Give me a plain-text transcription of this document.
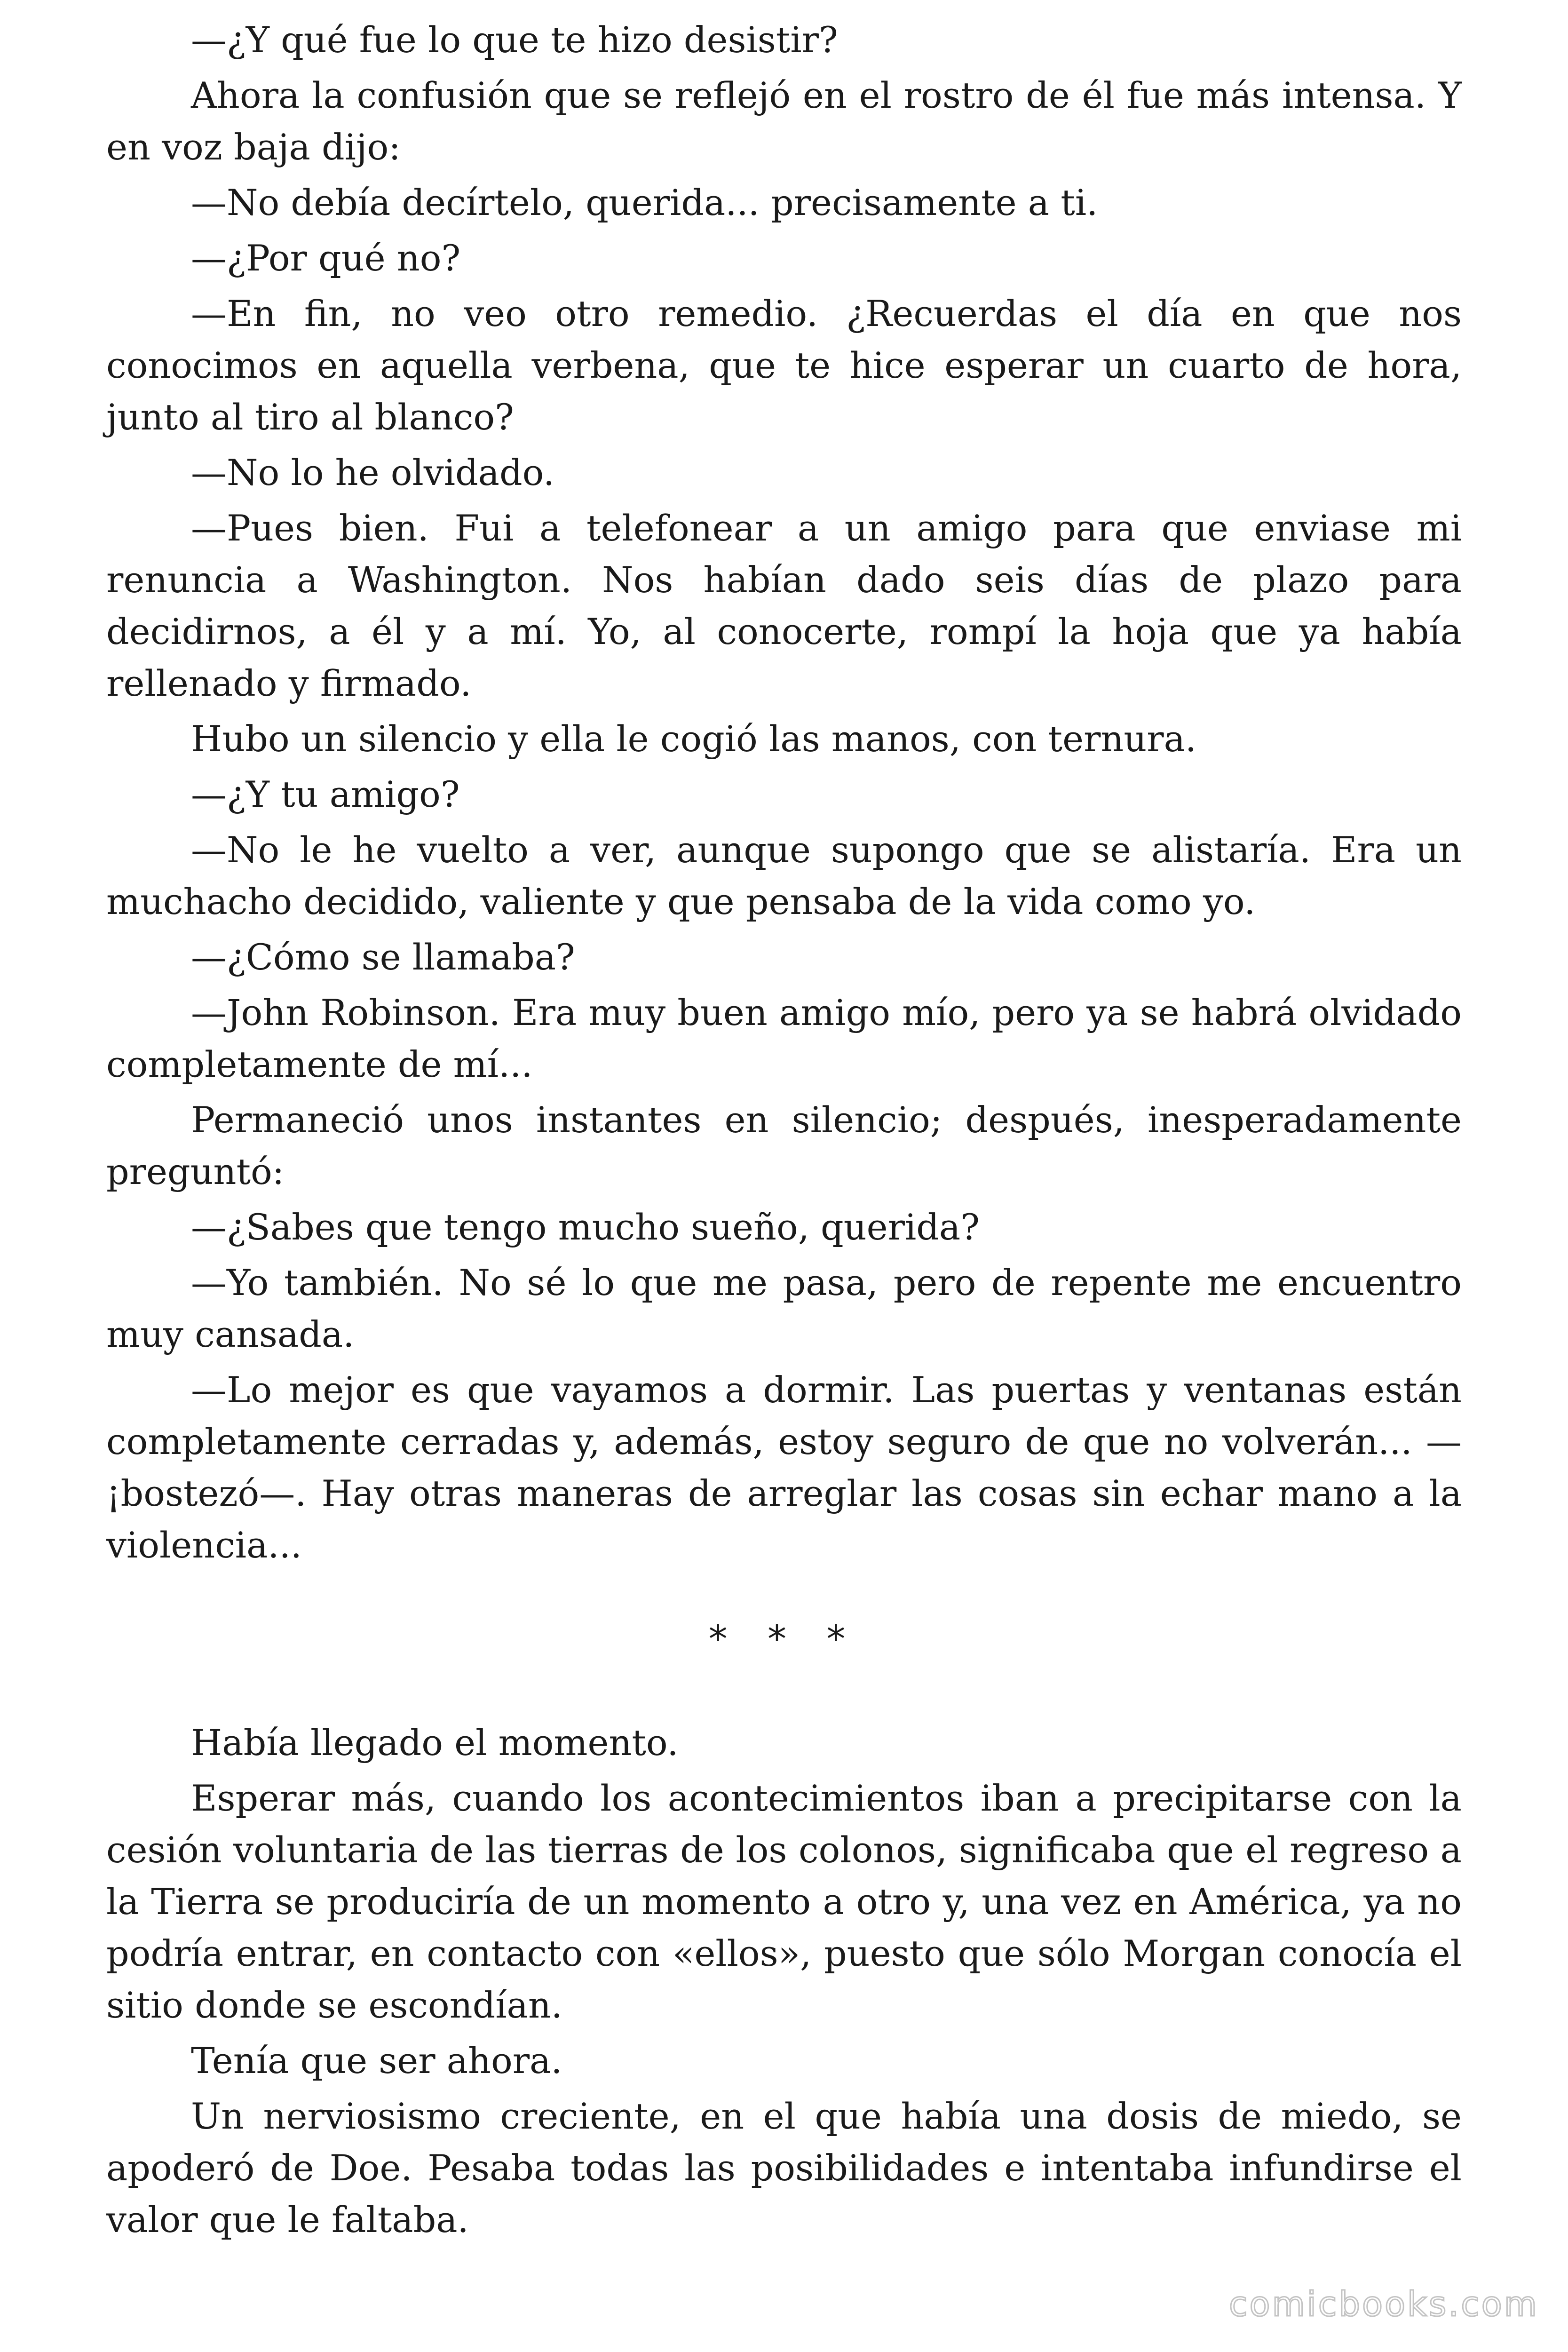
—¿Y qué fue lo que te hizo desistir?

Ahora la confusión que se reflejó en el rostro de él fue más intensa. Y en voz baja dijo:

—No debía decírtelo, querida... precisamente a ti.

—¿Por qué no?

—En fin, no veo otro remedio. ¿Recuerdas el día en que nos conocimos en aquella verbena, que te hice esperar un cuarto de hora, junto al tiro al blanco?

—No lo he olvidado.

—Pues bien. Fui a telefonear a un amigo para que enviase mi renuncia a Washington. Nos habían dado seis días de plazo para decidirnos, a él y a mí. Yo, al conocerte, rompí la hoja que ya había rellenado y firmado.

Hubo un silencio y ella le cogió las manos, con ternura.

—¿Y tu amigo?

—No le he vuelto a ver, aunque supongo que se alistaría. Era un muchacho decidido, valiente y que pensaba de la vida como yo.

—¿Cómo se llamaba?

—John Robinson. Era muy buen amigo mío, pero ya se habrá olvidado completamente de mí...

Permaneció unos instantes en silencio; después, inesperadamente preguntó:

—¿Sabes que tengo mucho sueño, querida?

—Yo también. No sé lo que me pasa, pero de repente me encuentro muy cansada.

—Lo mejor es que vayamos a dormir. Las puertas y ventanas están completamente cerradas y, además, estoy seguro de que no volverán... —¡bostezó—. Hay otras maneras de arreglar las cosas sin echar mano a la violencia...

* * *

Había llegado el momento.

Esperar más, cuando los acontecimientos iban a precipitarse con la cesión voluntaria de las tierras de los colonos, significaba que el regreso a la Tierra se produciría de un momento a otro y, una vez en América, ya no podría entrar, en contacto con «ellos», puesto que sólo Morgan conocía el sitio donde se escondían.

Tenía que ser ahora.

Un nerviosismo creciente, en el que había una dosis de miedo, se apoderó de Doe. Pesaba todas las posibilidades e intentaba infundirse el valor que le faltaba.

comicbooks.com
